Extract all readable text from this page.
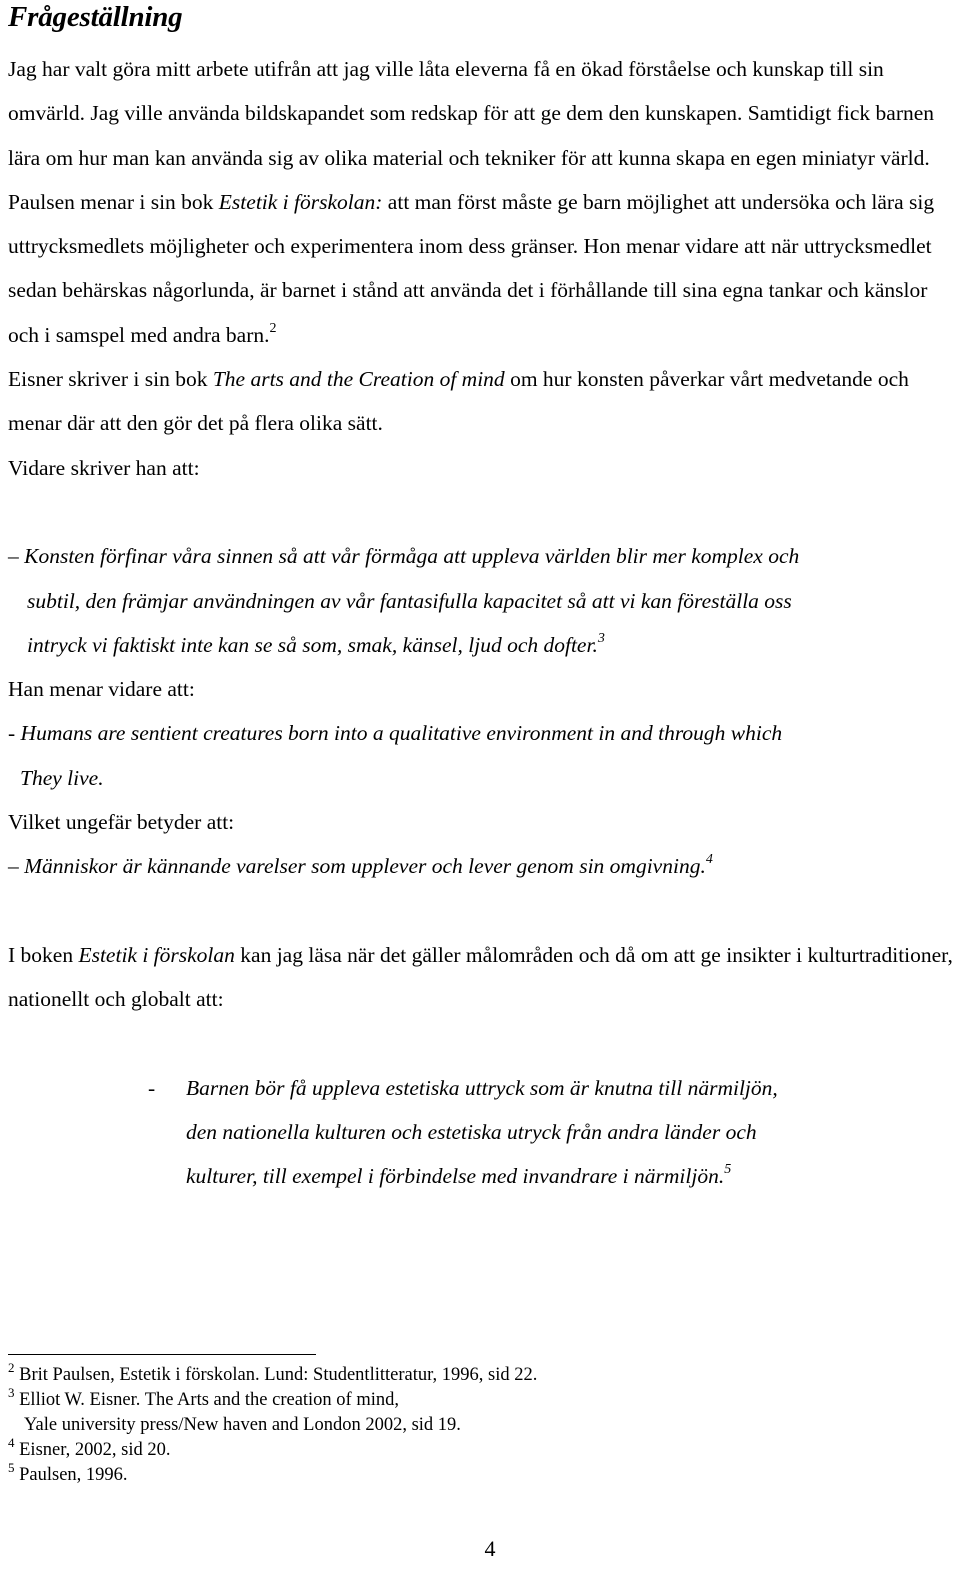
Frågeställning

Jag har valt göra mitt arbete utifrån att jag ville låta eleverna få en ökad förståelse och kunskap till sin omvärld. Jag ville använda bildskapandet som redskap för att ge dem den kunskapen. Samtidigt fick barnen lära om hur man kan använda sig av olika material och tekniker för att kunna skapa en egen miniatyr värld. Paulsen menar i sin bok Estetik i förskolan: att man först måste ge barn möjlighet att undersöka och lära sig uttrycksmedlets möjligheter och experimentera inom dess gränser. Hon menar vidare att när uttrycksmedlet sedan behärskas någorlunda, är barnet i stånd att använda det i förhållande till sina egna tankar och känslor och i samspel med andra barn.$^2$

Eisner skriver i sin bok The arts and the Creation of mind om hur konsten påverkar vårt medvetande och menar där att den gör det på flera olika sätt.

Vidare skriver han att:

– Konsten förfinar våra sinnen så att vår förmåga att uppleva världen blir mer komplex och
subtil, den främjar användningen av vår fantasifulla kapacitet så att vi kan föreställa oss
intryck vi faktiskt inte kan se så som, smak, känsel, ljud och dofter.$^3$

Han menar vidare att:

- Humans are sentient creatures born into a qualitative environment in and through which
They live.

Vilket ungefär betyder att:

– Människor är kännande varelser som upplever och lever genom sin omgivning.$^4$

I boken Estetik i förskolan kan jag läsa när det gäller målområden och då om att ge insikter i kulturtraditioner, nationellt och globalt att:

- Barnen bör få uppleva estetiska uttryck som är knutna till närmiljön,
den nationella kulturen och estetiska utryck från andra länder och
kulturer, till exempel i förbindelse med invandrare i närmiljön.$^5$
$^2$ Brit Paulsen, Estetik i förskolan. Lund: Studentlitteratur, 1996, sid 22.
$^3$ Elliot W. Eisner. The Arts and the creation of mind,
Yale university press/New haven and London 2002, sid 19.
$^4$ Eisner, 2002, sid 20.
$^5$ Paulsen, 1996.
4
